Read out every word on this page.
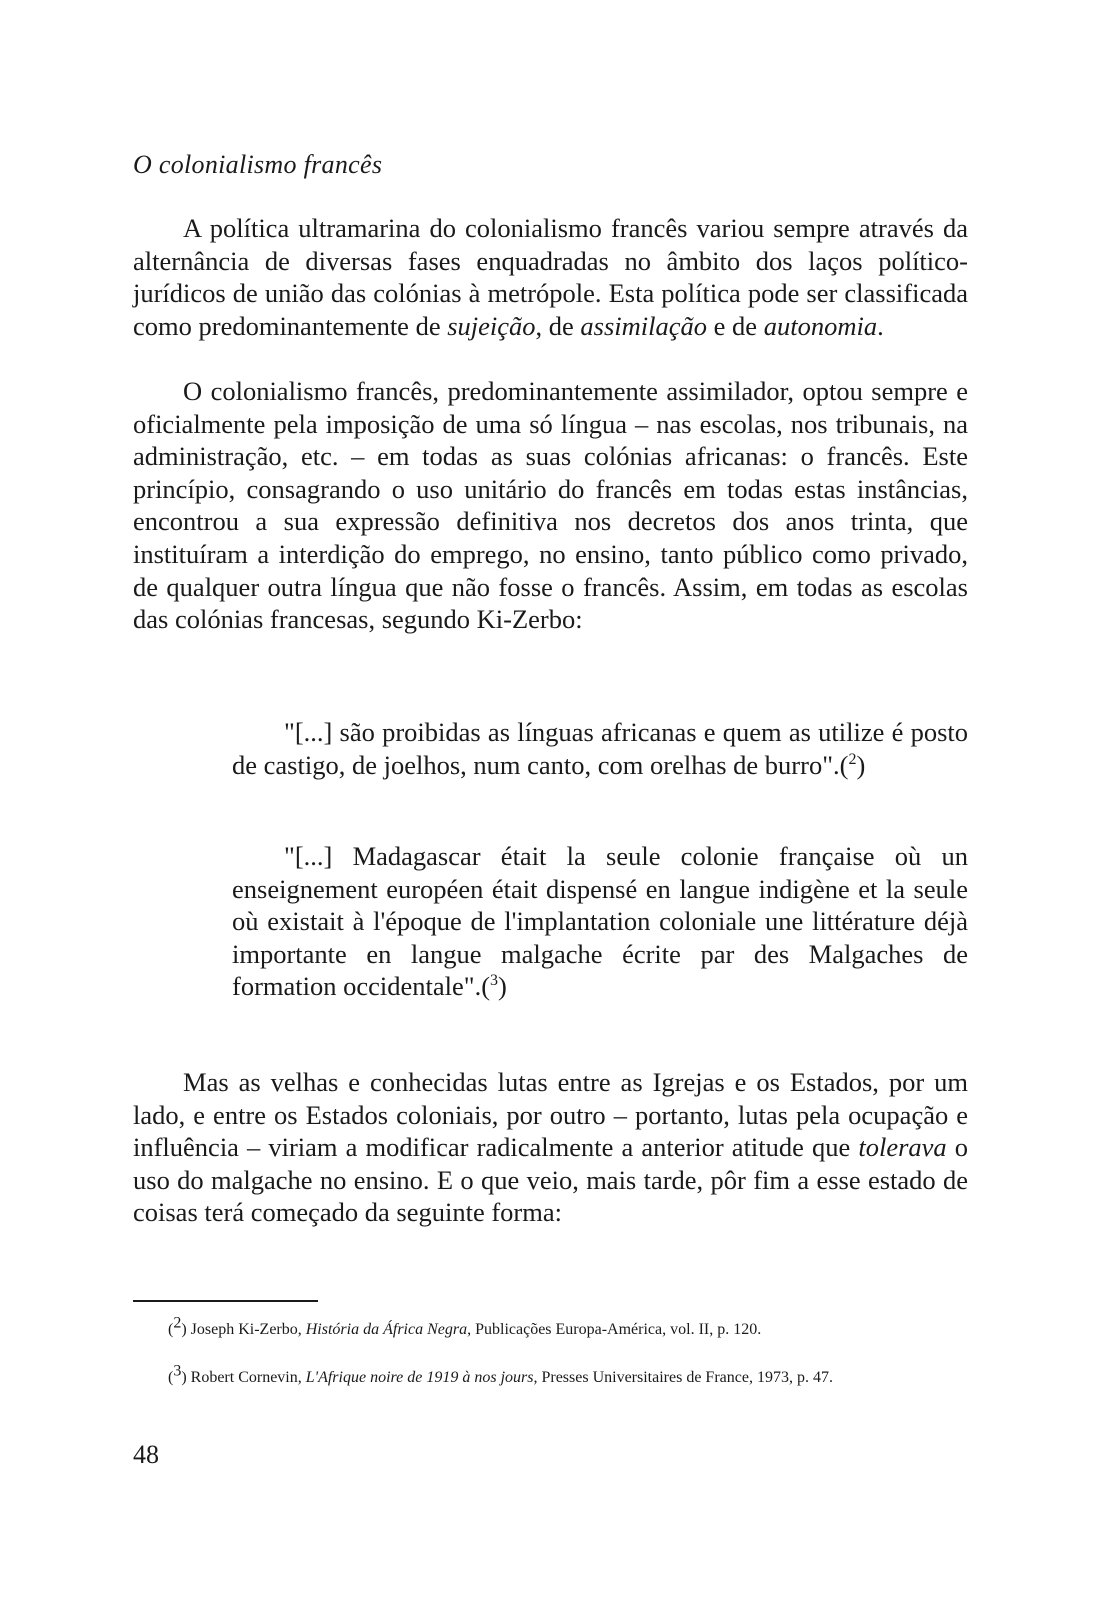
O colonialismo francês

A política ultramarina do colonialismo francês variou sempre através da alternância de diversas fases enquadradas no âmbito dos laços político-jurídicos de união das colónias à metrópole. Esta política pode ser classificada como predominantemente de sujeição, de assimilação e de autonomia.

O colonialismo francês, predominantemente assimilador, optou sempre e oficialmente pela imposição de uma só língua – nas escolas, nos tribunais, na administração, etc. – em todas as suas colónias africanas: o francês. Este princípio, consagrando o uso unitário do francês em todas estas instâncias, encontrou a sua expressão definitiva nos decretos dos anos trinta, que instituíram a interdição do emprego, no ensino, tanto público como privado, de qualquer outra língua que não fosse o francês. Assim, em todas as escolas das colónias francesas, segundo Ki-Zerbo:

"[...] são proibidas as línguas africanas e quem as utilize é posto de castigo, de joelhos, num canto, com orelhas de burro".($^2$)

"[...] Madagascar était la seule colonie française où un enseignement européen était dispensé en langue indigène et la seule où existait à l'époque de l'implantation coloniale une littérature déjà importante en langue malgache écrite par des Malgaches de formation occidentale".($^3$)

Mas as velhas e conhecidas lutas entre as Igrejas e os Estados, por um lado, e entre os Estados coloniais, por outro – portanto, lutas pela ocupação e influência – viriam a modificar radicalmente a anterior atitude que tolerava o uso do malgache no ensino. E o que veio, mais tarde, pôr fim a esse estado de coisas terá começado da seguinte forma:

($^2$) Joseph Ki-Zerbo, História da África Negra, Publicações Europa-América, vol. II, p. 120.

($^3$) Robert Cornevin, L'Afrique noire de 1919 à nos jours, Presses Universitaires de France, 1973, p. 47.

48
